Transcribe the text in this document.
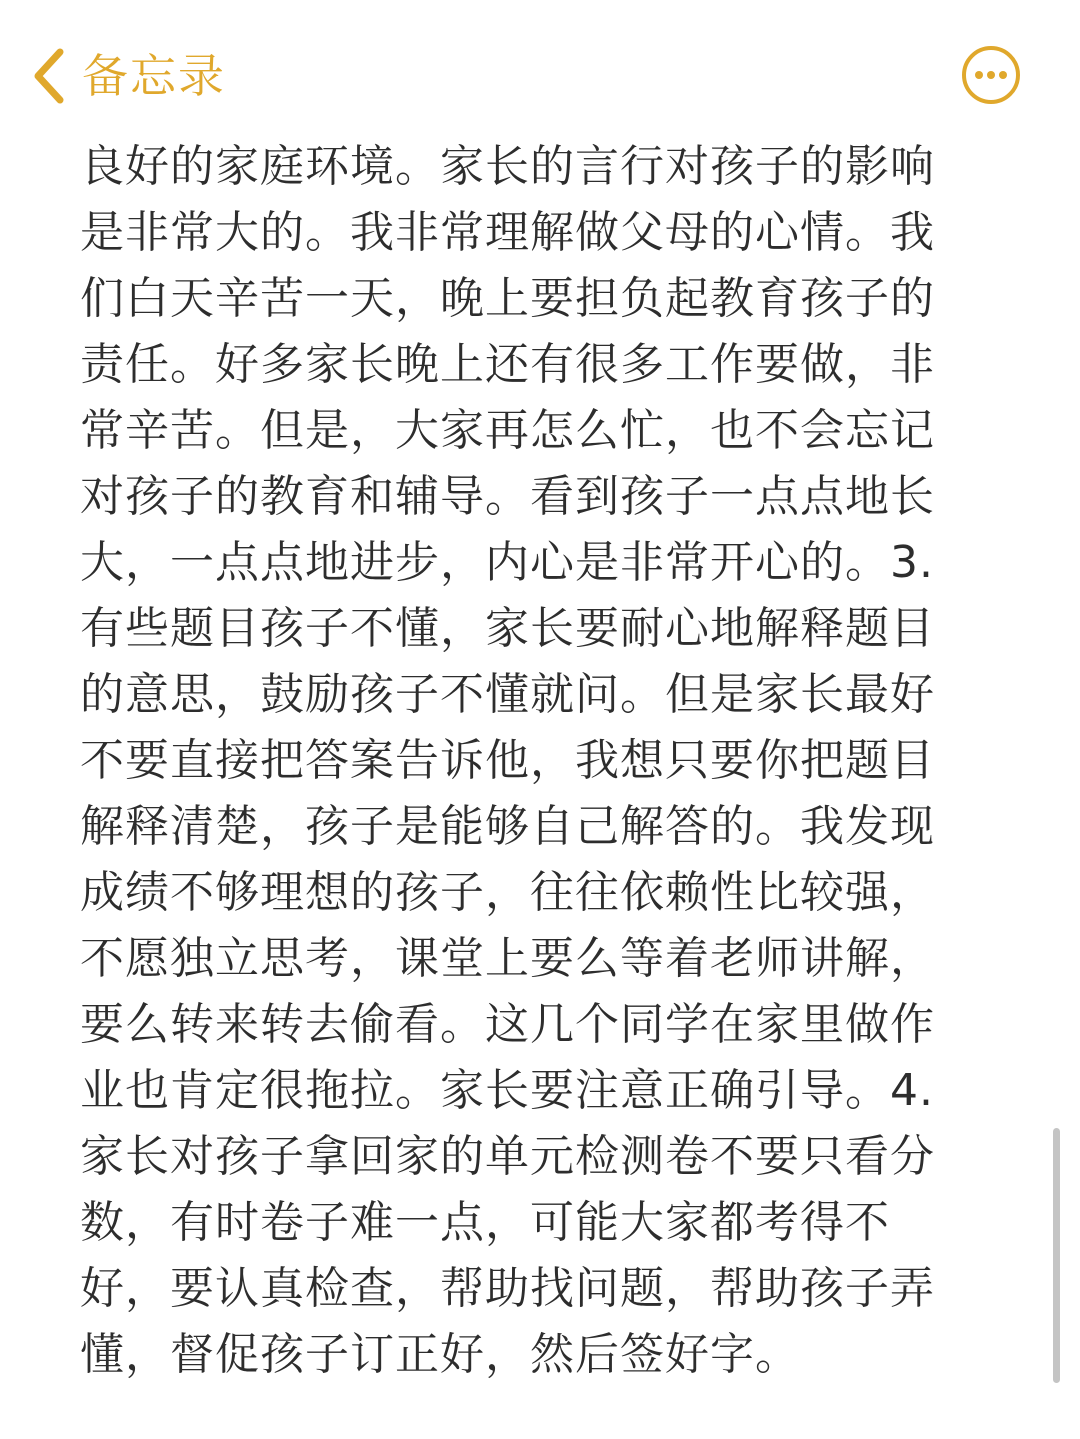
备忘录
良好的家庭环境。家长的言行对孩子的影响
是非常大的。我非常理解做父母的心情。我
们白天辛苦一天，晚上要担负起教育孩子的
责任。好多家长晚上还有很多工作要做，非
常辛苦。但是，大家再怎么忙，也不会忘记
对孩子的教育和辅导。看到孩子一点点地长
大，一点点地进步，内心是非常开心的。3.
有些题目孩子不懂，家长要耐心地解释题目
的意思，鼓励孩子不懂就问。但是家长最好
不要直接把答案告诉他，我想只要你把题目
解释清楚，孩子是能够自己解答的。我发现
成绩不够理想的孩子，往往依赖性比较强，
不愿独立思考，课堂上要么等着老师讲解，
要么转来转去偷看。这几个同学在家里做作
业也肯定很拖拉。家长要注意正确引导。4.
家长对孩子拿回家的单元检测卷不要只看分
数，有时卷子难一点，可能大家都考得不
好，要认真检查，帮助找问题，帮助孩子弄
懂，督促孩子订正好，然后签好字。
